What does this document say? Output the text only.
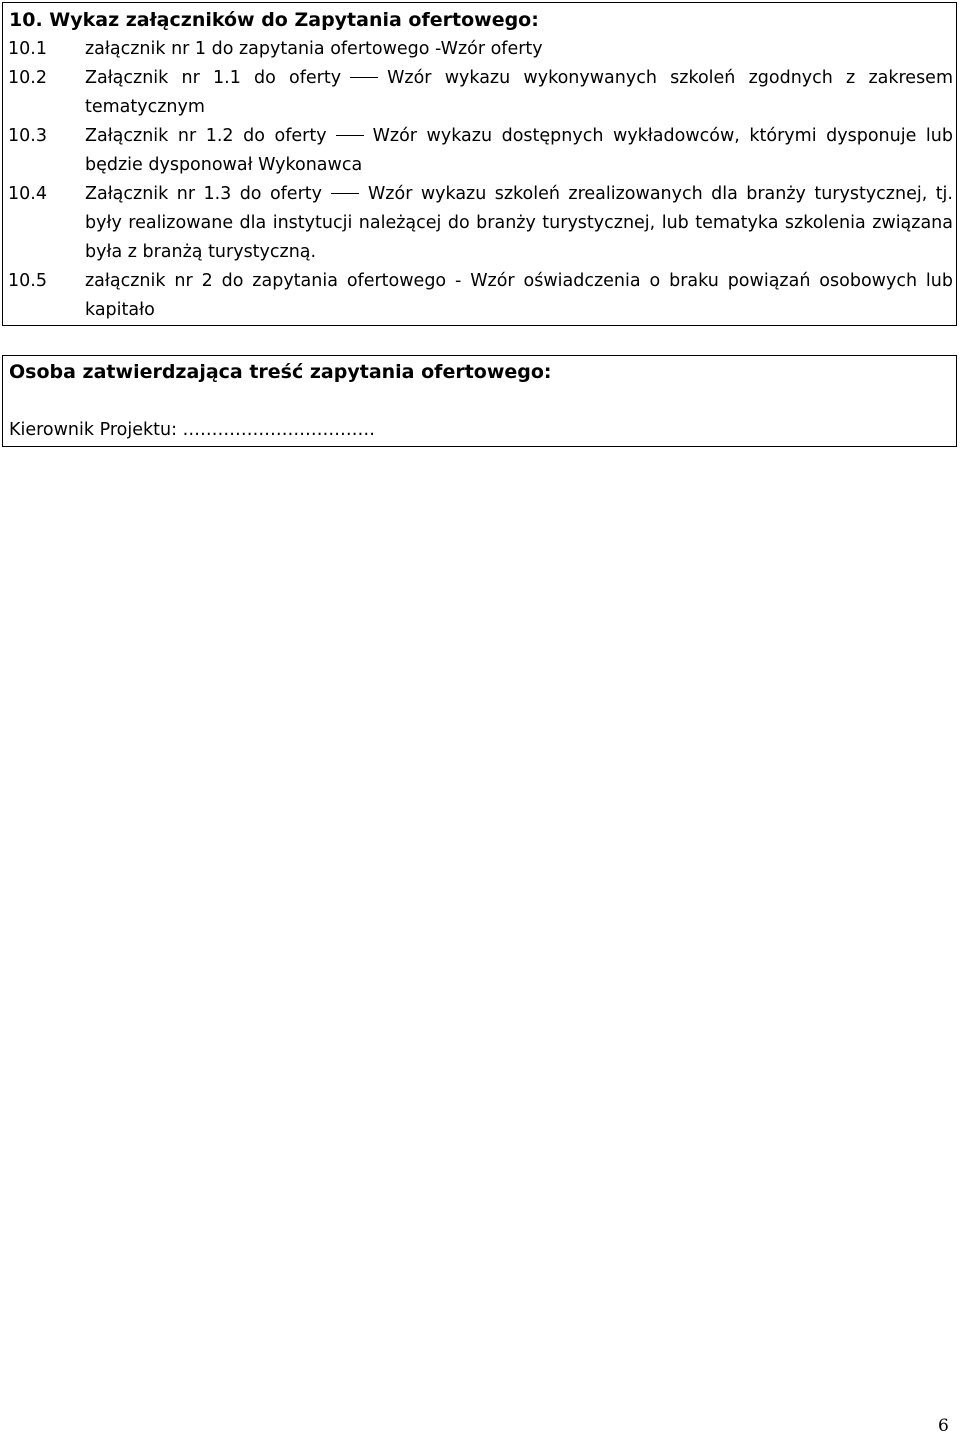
10. Wykaz załączników do Zapytania ofertowego:
10.1	załącznik nr 1 do zapytania ofertowego -Wzór oferty
10.2	Załącznik nr 1.1 do oferty	Wzór wykazu wykonywanych szkoleń zgodnych z zakresem tematycznym
10.3	Załącznik nr 1.2 do oferty	Wzór wykazu dostępnych wykładowców, którymi dysponuje lub będzie dysponował Wykonawca
10.4	Załącznik nr 1.3 do oferty	Wzór wykazu szkoleń zrealizowanych dla branży turystycznej, tj. były realizowane dla instytucji należącej do branży turystycznej, lub tematyka szkolenia związana była z branżą turystyczną.
10.5	załącznik nr 2 do zapytania ofertowego - Wzór oświadczenia o braku powiązań osobowych lub kapitało
Osoba zatwierdzająca treść zapytania ofertowego:
Kierownik Projektu: ……………………………
6
